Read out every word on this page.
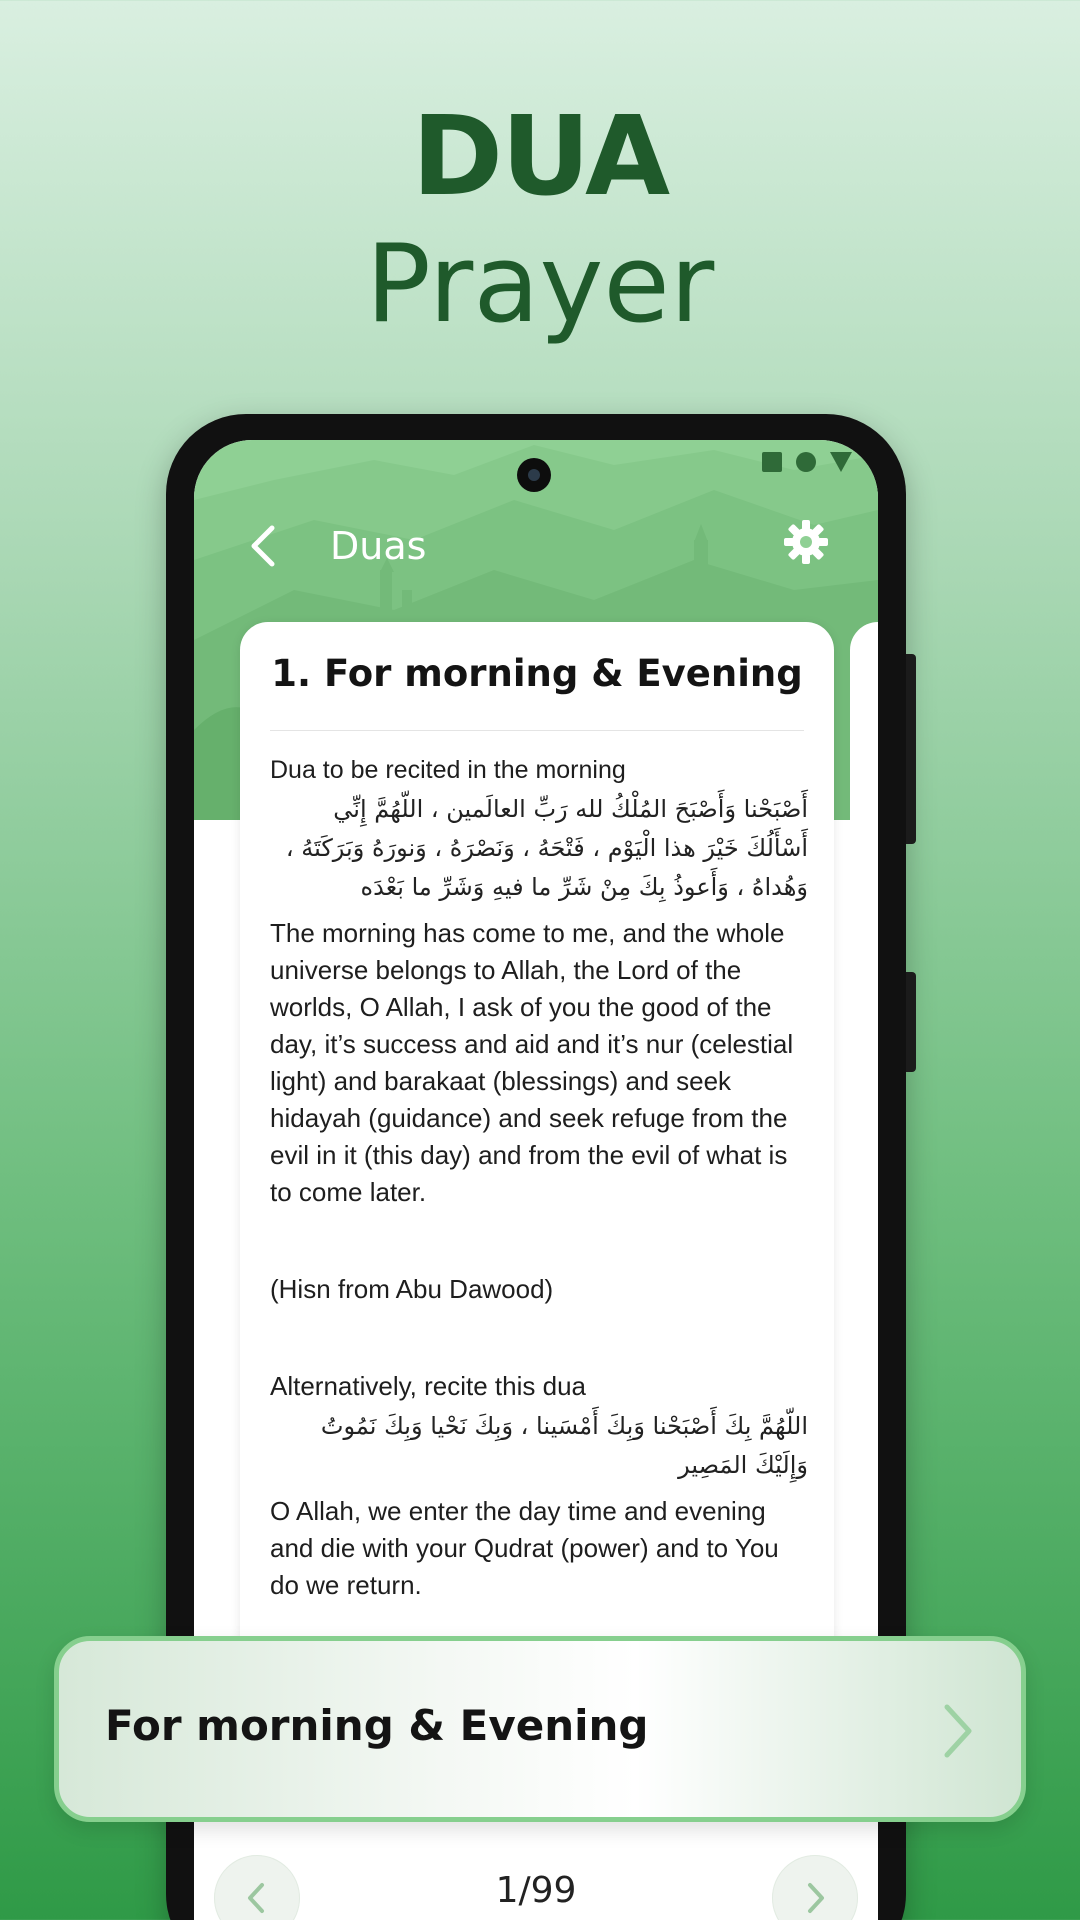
DUA
Prayer
Duas
1. For morning & Evening
Dua to be recited in the morning
أَصْبَحْنا وَأَصْبَحَ المُلْكُ لله رَبِّ العالَمين ، اللّهُمَّ إِنِّي أَسْأَلُكَ خَيْرَ هذا الْيَوْم ، فَتْحَهُ ، وَنَصْرَهُ ، وَنورَهُ وَبَرَكَتَهُ ، وَهُداهُ ، وَأَعوذُ بِكَ مِنْ شَرِّ ما فيهِ وَشَرِّ ما بَعْدَه
The morning has come to me, and the whole universe belongs to Allah, the Lord of the worlds, O Allah, I ask of you the good of the day, it’s success and aid and it’s nur (celestial light) and barakaat (blessings) and seek hidayah (guidance) and seek refuge from the evil in it (this day) and from the evil of what is to come later.
(Hisn from Abu Dawood)
Alternatively, recite this dua
اللّهُمَّ بِكَ أَصْبَحْنا وَبِكَ أَمْسَينا ، وَبِكَ نَحْيا وَبِكَ نَمُوتُ وَإِلَيْكَ المَصِير
O Allah, we enter the day time and evening and die with your Qudrat (power) and to You do we return.
1/99
For morning & Evening
